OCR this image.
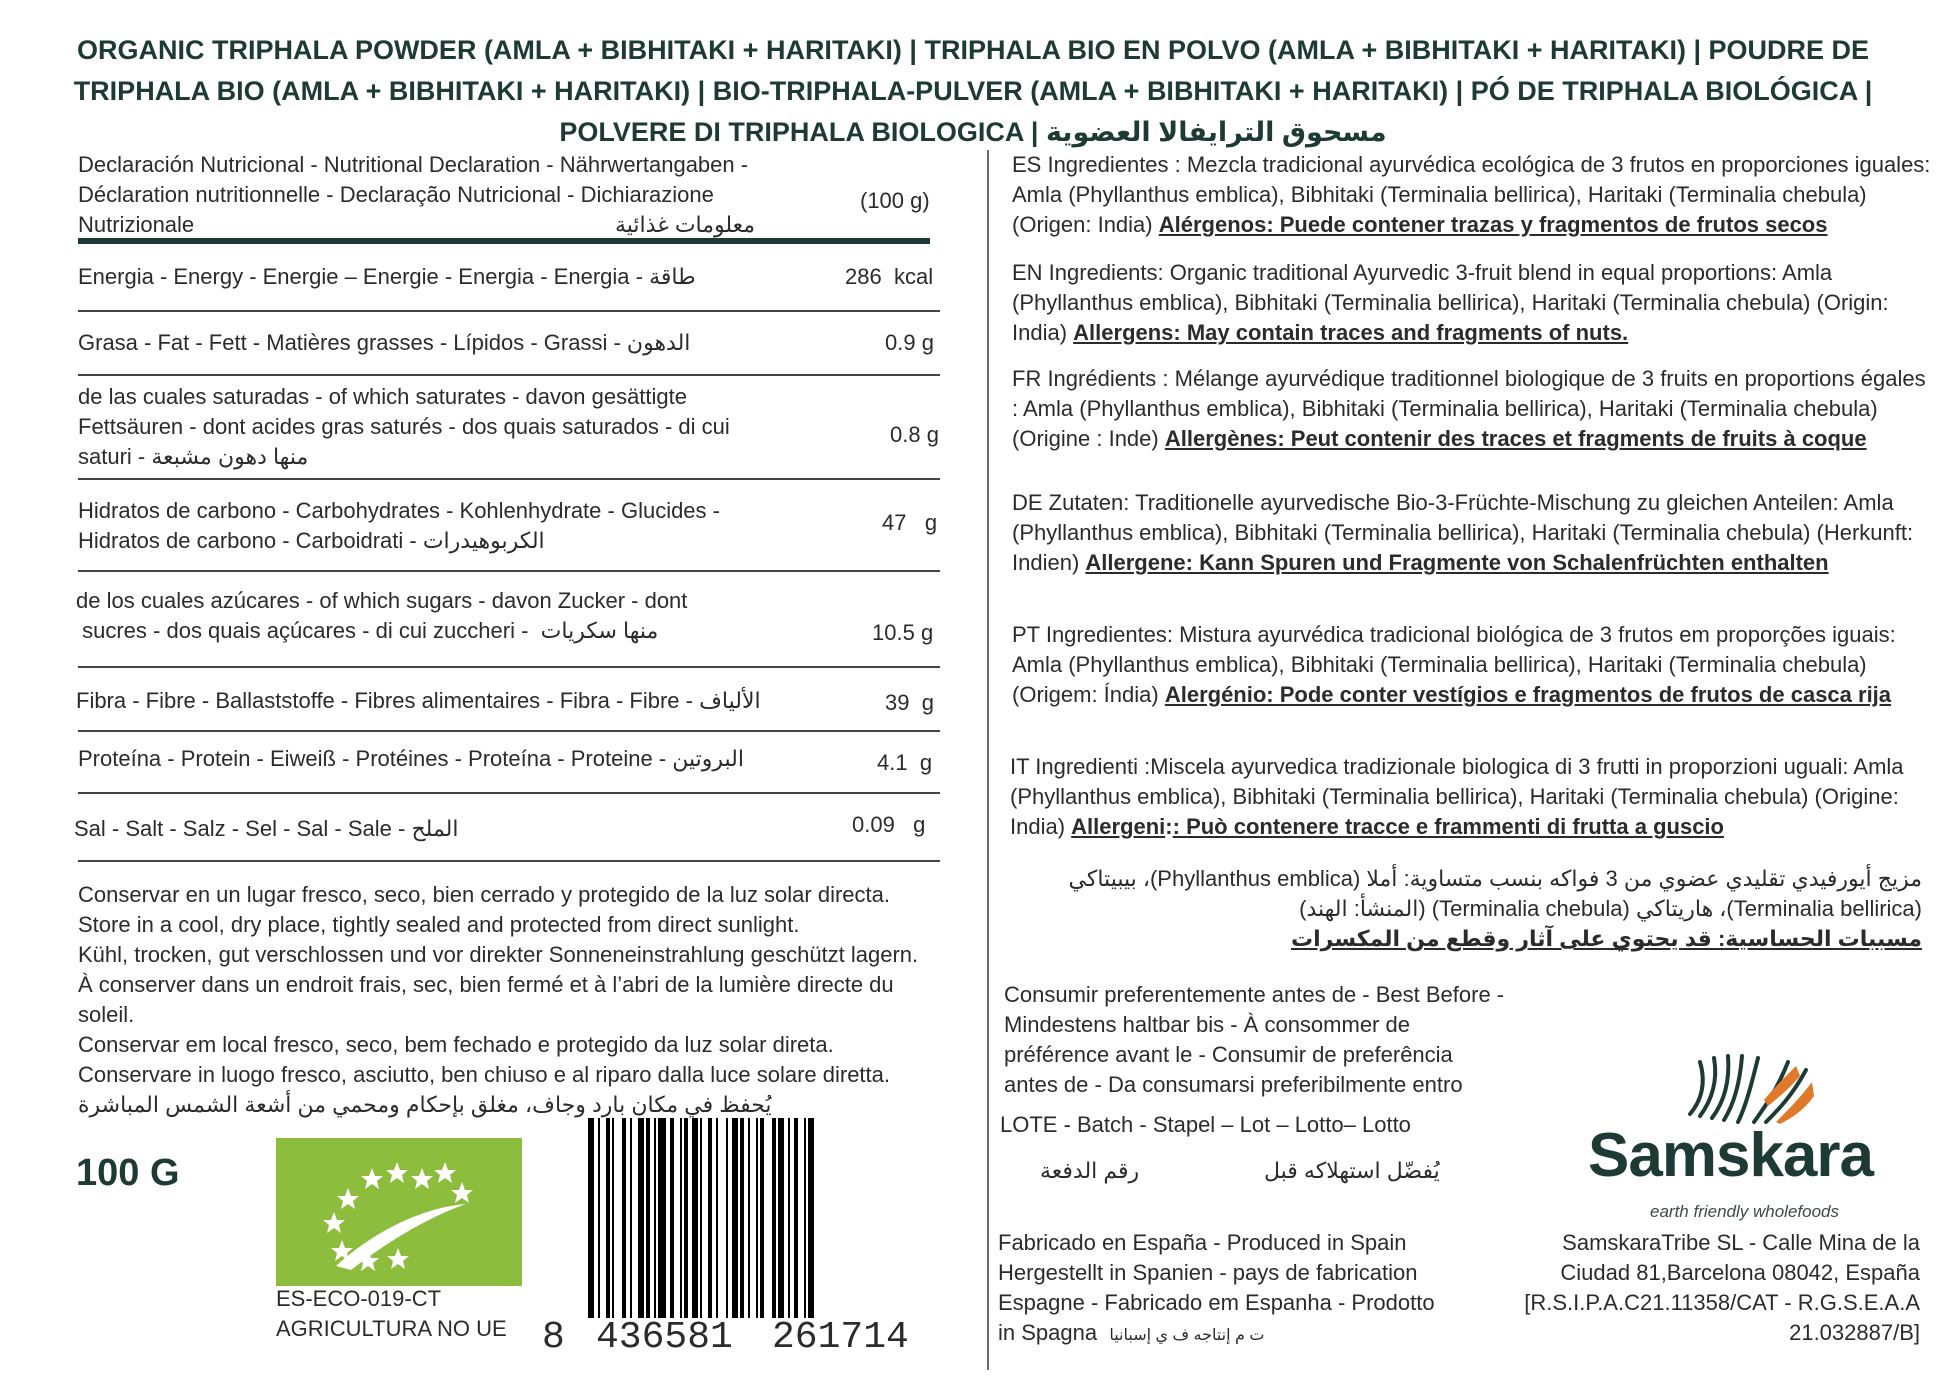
ORGANIC TRIPHALA POWDER (AMLA + BIBHITAKI + HARITAKI) | TRIPHALA BIO EN POLVO (AMLA + BIBHITAKI + HARITAKI) | POUDRE DE TRIPHALA BIO (AMLA + BIBHITAKI + HARITAKI) | BIO-TRIPHALA-PULVER (AMLA + BIBHITAKI + HARITAKI) | PÓ DE TRIPHALA BIOLÓGICA | POLVERE DI TRIPHALA BIOLOGICA | مسحوق الترايفالا العضوية
Declaración Nutricional - Nutritional Declaration - Nährwertangaben -
Déclaration nutritionnelle - Declaração Nutricional - Dichiarazione
Nutrizionale	معلومات غذائية
(100 g)
Energia - Energy - Energie – Energie - Energia - Energia - طاقة	286 kcal
Grasa - Fat - Fett - Matières grasses - Lípidos - Grassi - الدهون	0.9 g
de las cuales saturadas - of which saturates - davon gesättigte
Fettsäuren - dont acides gras saturés - dos quais saturados - di cui
saturi - منها دهون مشبعة
0.8 g
Hidratos de carbono - Carbohydrates - Kohlenhydrate - Glucides -
Hidratos de carbono - Carboidrati - الكربوهيدرات
47 g
de los cuales azúcares - of which sugars - davon Zucker - dont
sucres - dos quais açúcares - di cui zuccheri - منها سكريات	10.5 g
Fibra - Fibre - Ballaststoffe - Fibres alimentaires - Fibra - Fibre - الألياف	39 g
Proteína - Protein - Eiweiß - Protéines - Proteína - Proteine - البروتين	4.1 g
Sal - Salt - Salz - Sel - Sal - Sale - الملح	0.09 g
Conservar en un lugar fresco, seco, bien cerrado y protegido de la luz solar directa.
Store in a cool, dry place, tightly sealed and protected from direct sunlight.
Kühl, trocken, gut verschlossen und vor direkter Sonneneinstrahlung geschützt lagern.
À conserver dans un endroit frais, sec, bien fermé et à l’abri de la lumière directe du
soleil.
Conservar em local fresco, seco, bem fechado e protegido da luz solar direta.
Conservare in luogo fresco, asciutto, ben chiuso e al riparo dalla luce solare diretta.
يُحفظ في مكان بارد وجاف، مغلق بإحكام ومحمي من أشعة الشمس المباشرة
100 G
ES-ECO-019-CT
AGRICULTURA NO UE 8 436581 261714
ES Ingredientes : Mezcla tradicional ayurvédica ecológica de 3 frutos en proporciones iguales: Amla (Phyllanthus emblica), Bibhitaki (Terminalia bellirica), Haritaki (Terminalia chebula) (Origen: India) Alérgenos: Puede contener trazas y fragmentos de frutos secos
EN Ingredients: Organic traditional Ayurvedic 3-fruit blend in equal proportions: Amla (Phyllanthus emblica), Bibhitaki (Terminalia bellirica), Haritaki (Terminalia chebula) (Origin: India) Allergens: May contain traces and fragments of nuts.
FR Ingrédients : Mélange ayurvédique traditionnel biologique de 3 fruits en proportions égales : Amla (Phyllanthus emblica), Bibhitaki (Terminalia bellirica), Haritaki (Terminalia chebula) (Origine : Inde) Allergènes: Peut contenir des traces et fragments de fruits à coque
DE Zutaten: Traditionelle ayurvedische Bio-3-Früchte-Mischung zu gleichen Anteilen: Amla (Phyllanthus emblica), Bibhitaki (Terminalia bellirica), Haritaki (Terminalia chebula) (Herkunft: Indien) Allergene: Kann Spuren und Fragmente von Schalenfrüchten enthalten
PT Ingredientes: Mistura ayurvédica tradicional biológica de 3 frutos em proporções iguais: Amla (Phyllanthus emblica), Bibhitaki (Terminalia bellirica), Haritaki (Terminalia chebula) (Origem: Índia) Alergénio: Pode conter vestígios e fragmentos de frutos de casca rija
IT Ingredienti :Miscela ayurvedica tradizionale biologica di 3 frutti in proporzioni uguali: Amla (Phyllanthus emblica), Bibhitaki (Terminalia bellirica), Haritaki (Terminalia chebula) (Origine: India) Allergeni:: Può contenere tracce e frammenti di frutta a guscio
مزيج أيورفيدي تقليدي عضوي من 3 فواكه بنسب متساوية: أملا (Phyllanthus emblica)، بيبيتاكي
(Terminalia bellirica)، هاريتاكي (Terminalia chebula) (المنشأ: الهند)
مسببات الحساسية: قد يحتوي على آثار وقطع من المكسرات
Consumir preferentemente antes de - Best Before -
Mindestens haltbar bis - À consommer de
préférence avant le - Consumir de preferência
antes de - Da consumarsi preferibilmente entro
LOTE - Batch - Stapel – Lot – Lotto– Lotto
رقم الدفعة	يُفضّل استهلاكه قبل
Fabricado en España - Produced in Spain
Hergestellt in Spanien - pays de fabrication
Espagne - Fabricado em Espanha - Prodotto
in Spagna ت م إنتاجه ف ي إسبانيا
Samskara
earth friendly wholefoods
SamskaraTribe SL - Calle Mina de la
Ciudad 81,Barcelona 08042, España
[R.S.I.P.A.C21.11358/CAT - R.G.S.E.A.A
21.032887/B]
